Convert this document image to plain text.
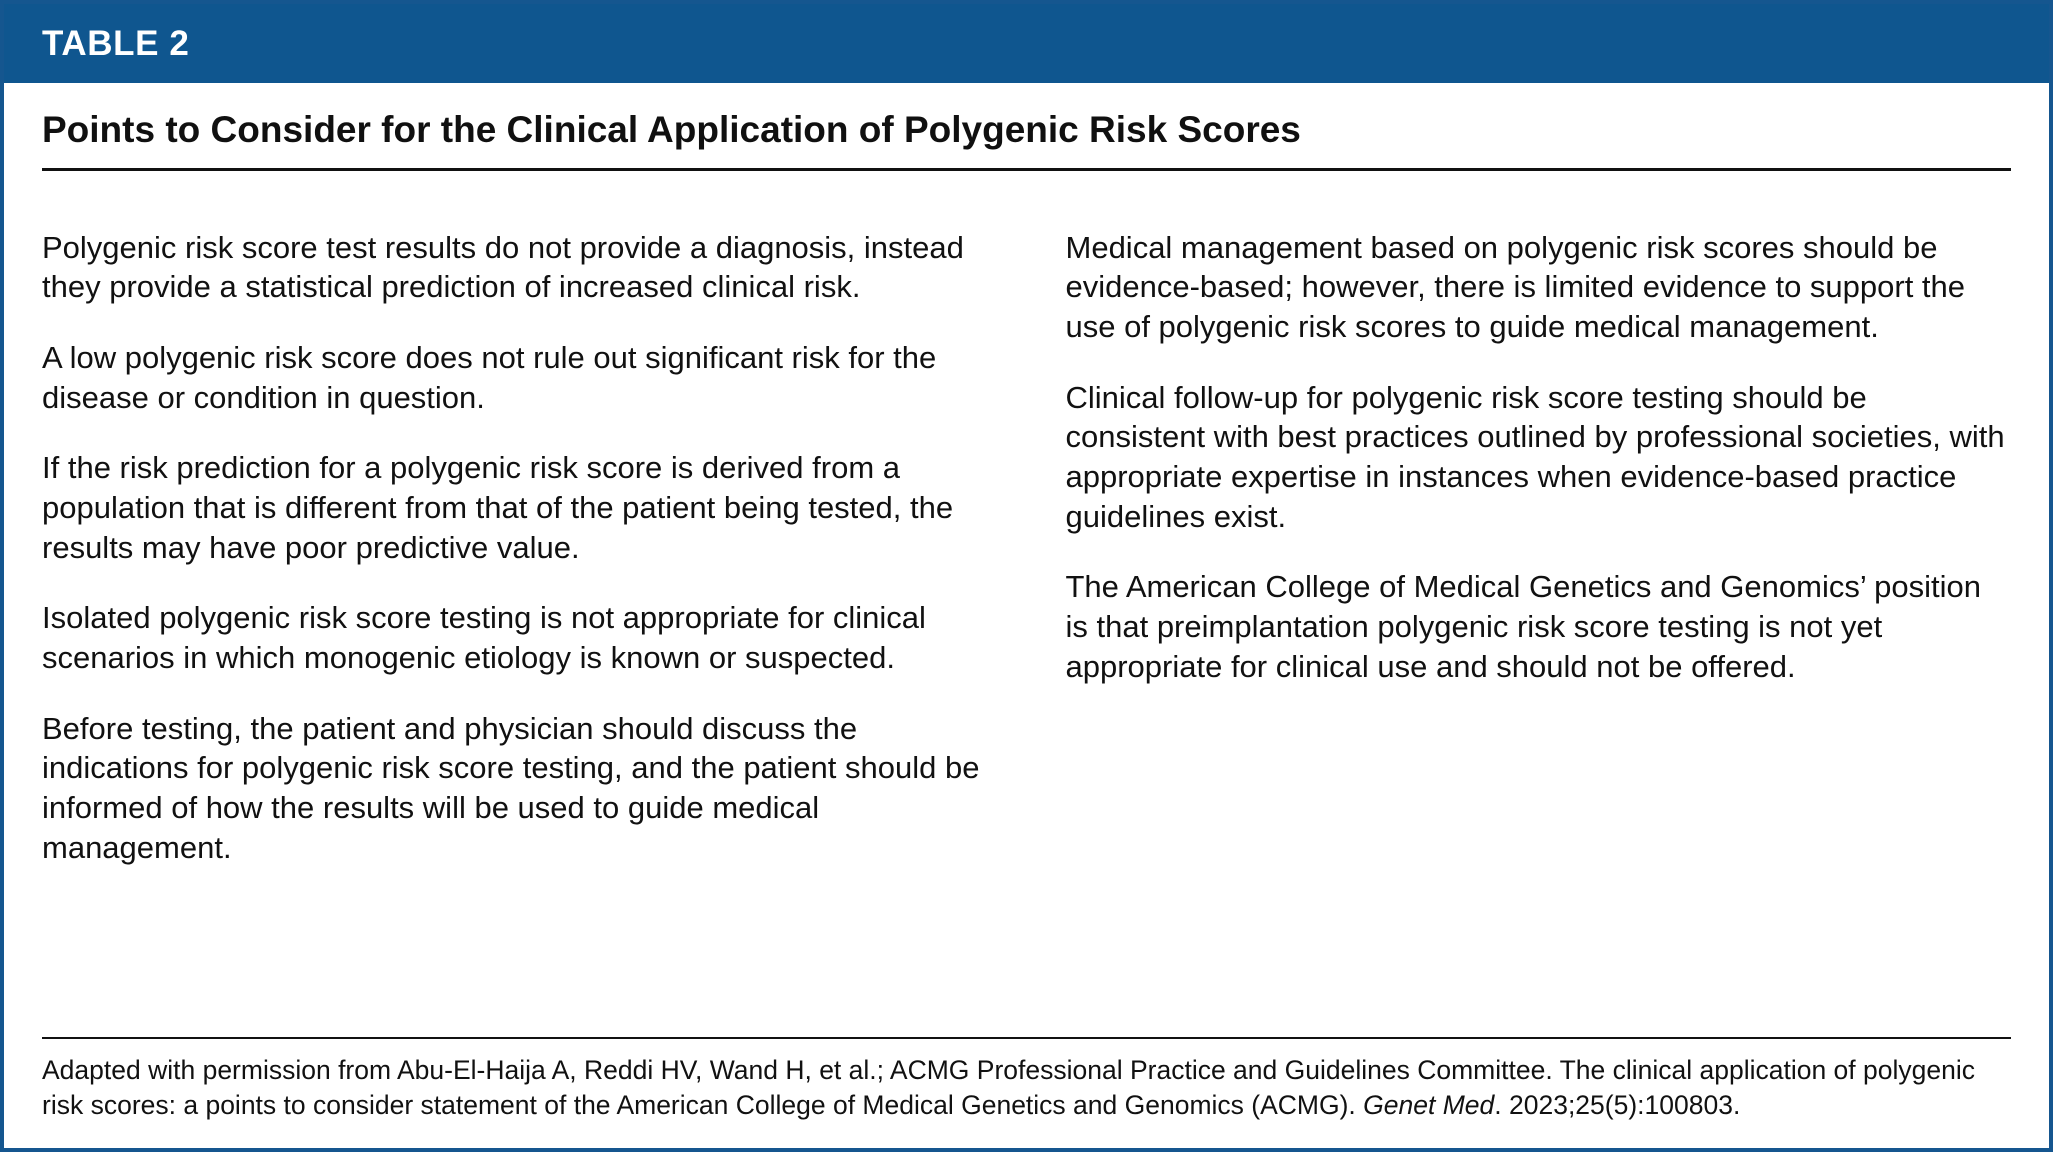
TABLE 2
Points to Consider for the Clinical Application of Polygenic Risk Scores

Polygenic risk score test results do not provide a diagnosis, instead they provide a statistical prediction of increased clinical risk.

A low polygenic risk score does not rule out significant risk for the disease or condition in question.

If the risk prediction for a polygenic risk score is derived from a population that is different from that of the patient being tested, the results may have poor predictive value.

Isolated polygenic risk score testing is not appropriate for clinical scenarios in which monogenic etiology is known or suspected.

Before testing, the patient and physician should discuss the indications for polygenic risk score testing, and the patient should be informed of how the results will be used to guide medical management.

Medical management based on polygenic risk scores should be evidence-based; however, there is limited evidence to support the use of polygenic risk scores to guide medical management.

Clinical follow-up for polygenic risk score testing should be consistent with best practices outlined by professional societies, with appropriate expertise in instances when evidence-based practice guidelines exist.

The American College of Medical Genetics and Genomics’ position is that preimplantation polygenic risk score testing is not yet appropriate for clinical use and should not be offered.

Adapted with permission from Abu-El-Haija A, Reddi HV, Wand H, et al.; ACMG Professional Practice and Guidelines Committee. The clinical application of polygenic risk scores: a points to consider statement of the American College of Medical Genetics and Genomics (ACMG). Genet Med. 2023;25(5):100803.
